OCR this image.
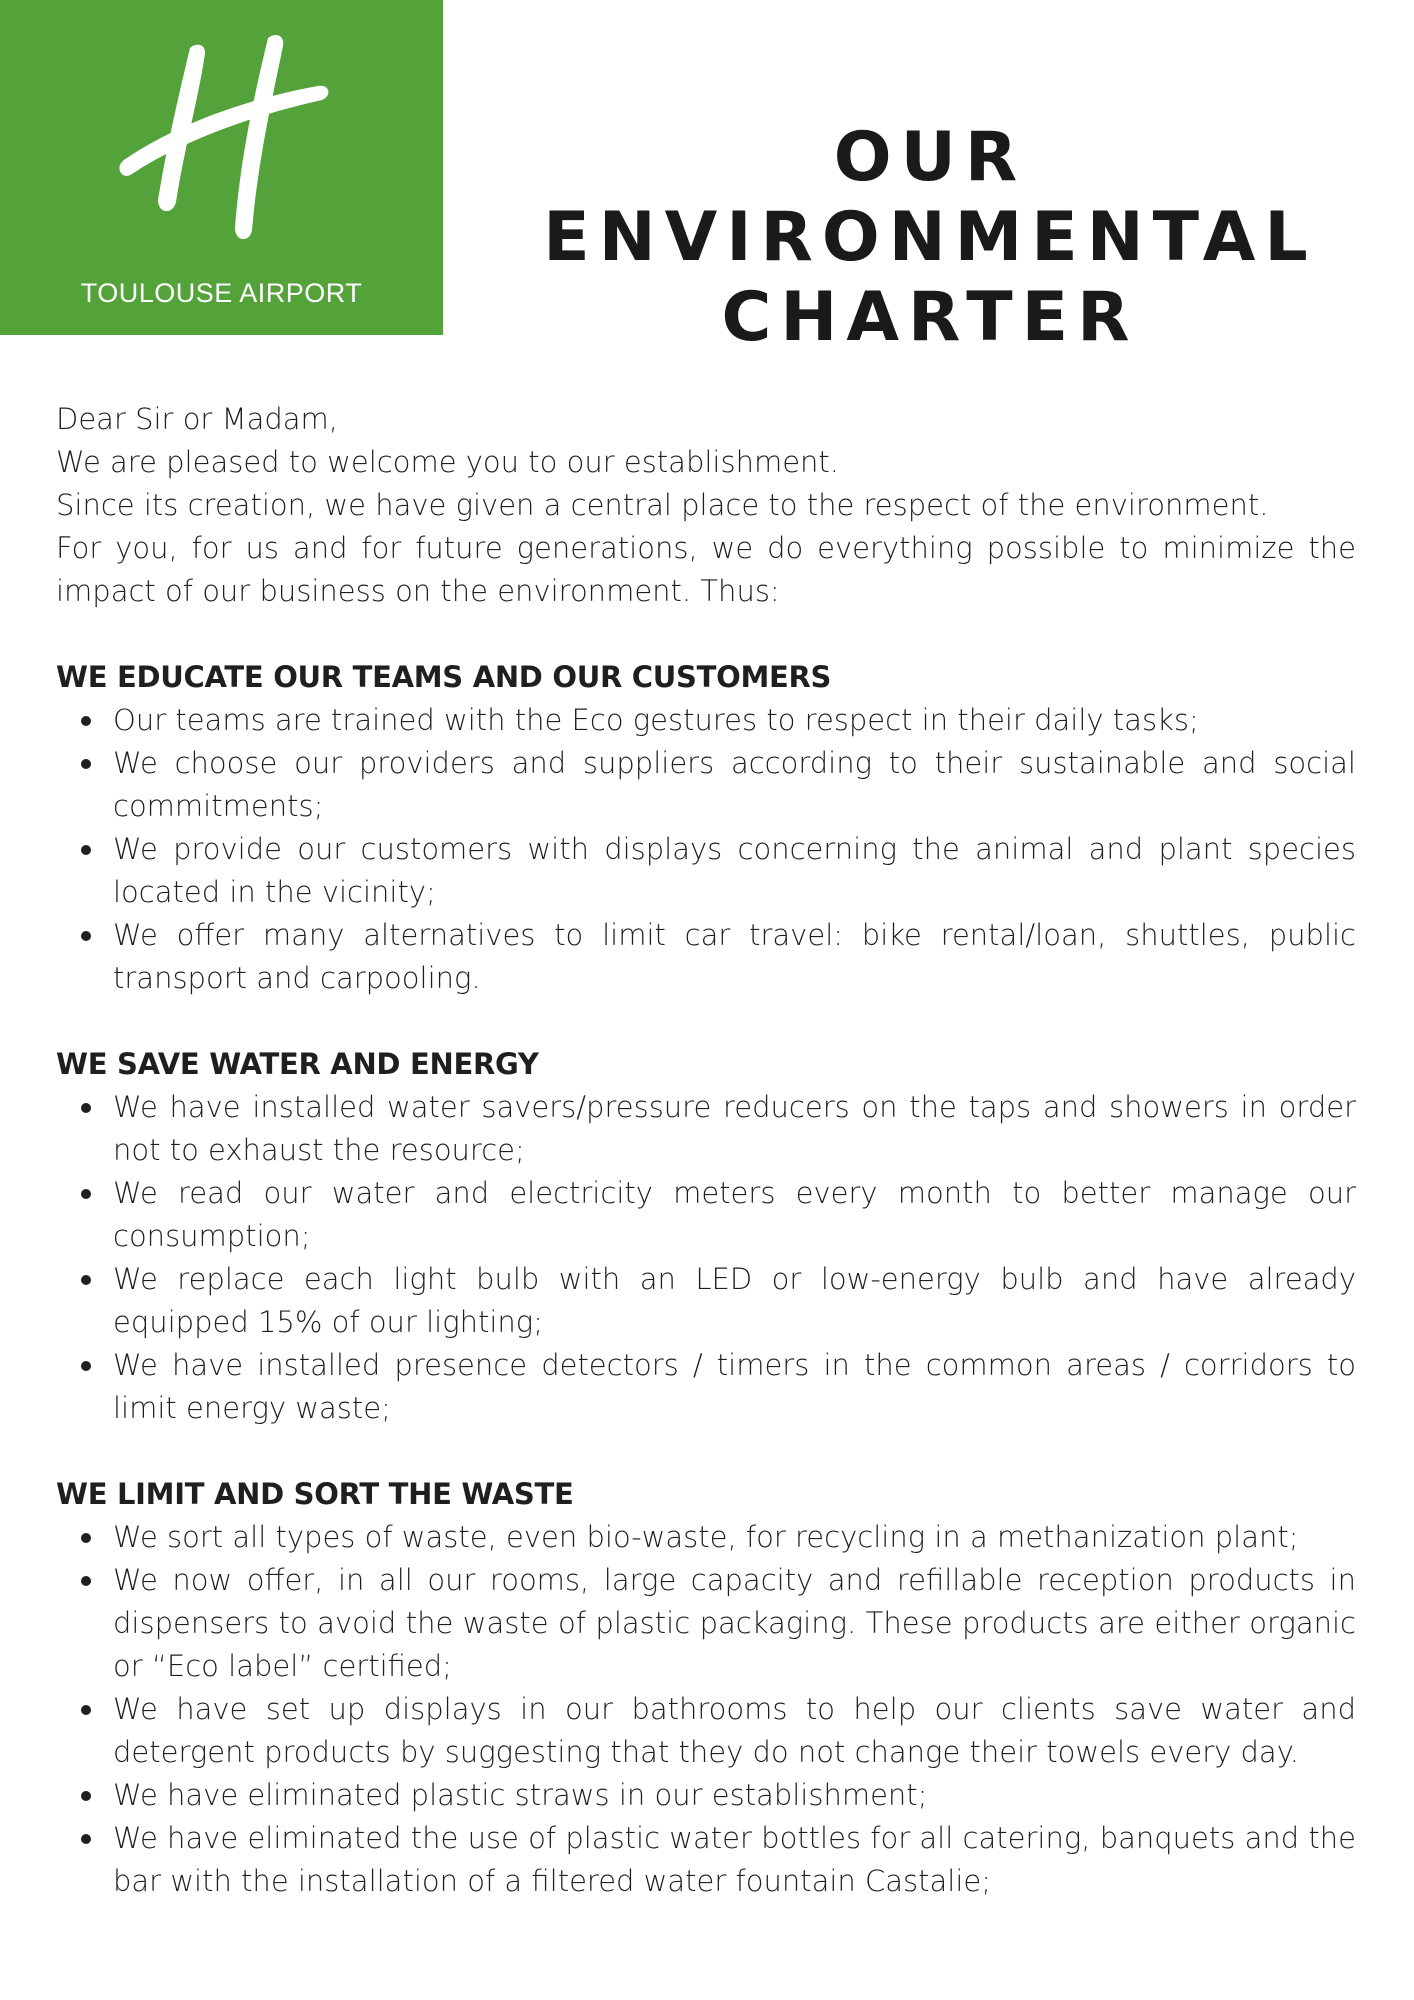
TOULOUSE AIRPORT
OUR ENVIRONMENTAL
CHARTER

Dear Sir or Madam,

We are pleased to welcome you to our establishment.

Since its creation, we have given a central place to the respect of the environment.

For you, for us and for future generations, we do everything possible to minimize the impact of our business on the environment. Thus:

WE EDUCATE OUR TEAMS AND OUR CUSTOMERS
Our teams are trained with the Eco gestures to respect in their daily tasks;
We choose our providers and suppliers according to their sustainable and social commitments;
We provide our customers with displays concerning the animal and plant species located in the vicinity;
We offer many alternatives to limit car travel: bike rental/loan, shuttles, public transport and carpooling.
WE SAVE WATER AND ENERGY
We have installed water savers/pressure reducers on the taps and showers in order not to exhaust the resource;
We read our water and electricity meters every month to better manage our consumption;
We replace each light bulb with an LED or low-energy bulb and have already equipped 15% of our lighting;
We have installed presence detectors / timers in the common areas / corridors to limit energy waste;
WE LIMIT AND SORT THE WASTE
We sort all types of waste, even bio-waste, for recycling in a methanization plant;
We now offer, in all our rooms, large capacity and refillable reception products in dispensers to avoid the waste of plastic packaging. These products are either organic or “Eco label” certified;
We have set up displays in our bathrooms to help our clients save water and detergent products by suggesting that they do not change their towels every day.
We have eliminated plastic straws in our establishment;
We have eliminated the use of plastic water bottles for all catering, banquets and the bar with the installation of a filtered water fountain Castalie;
